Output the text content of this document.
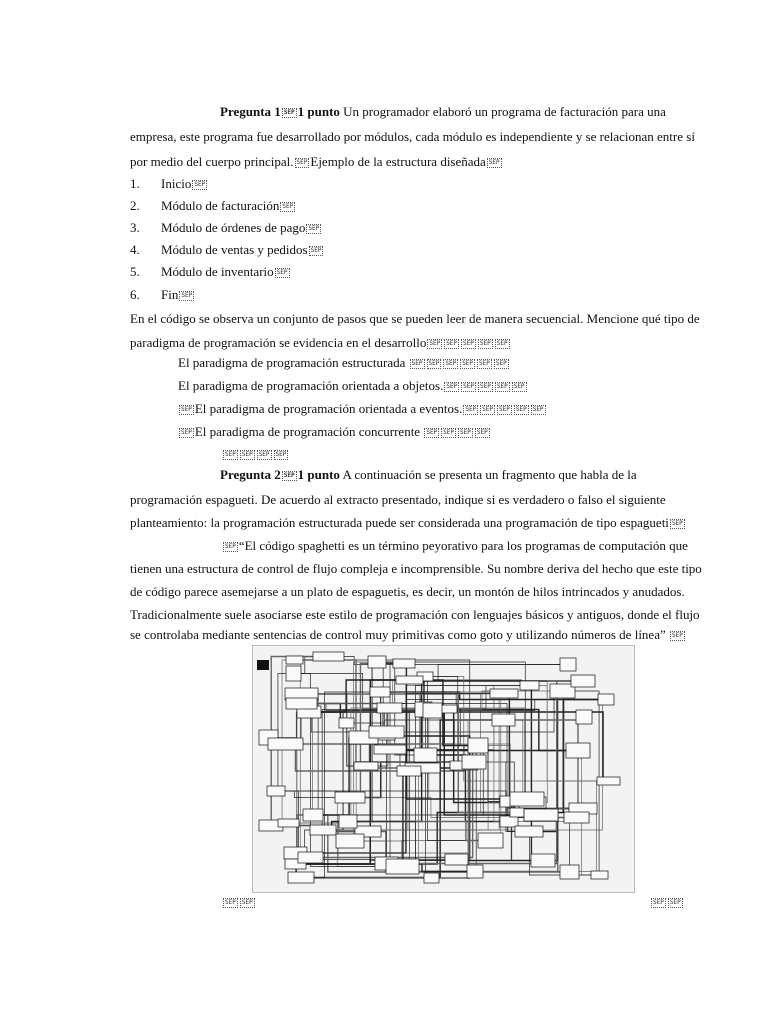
Pregunta 1 SEP 1 punto Un programador elaboró un programa de facturación para una
empresa, este programa fue desarrollado por módulos, cada módulo es independiente y se relacionan entre sí
por medio del cuerpo principal. SEP Ejemplo de la estructura diseñada SEP
1. Inicio SEP
2. Módulo de facturación SEP
3. Módulo de órdenes de pago SEP
4. Módulo de ventas y pedidos SEP
5. Módulo de inventario SEP
6. Fin SEP
En el código se observa un conjunto de pasos que se pueden leer de manera secuencial. Mencione qué tipo de
paradigma de programación se evidencia en el desarrollo SEP SEP SEP SEP SEP
El paradigma de programación estructurada SEP SEP SEP SEP SEP SEP
El paradigma de programación orientada a objetos. SEP SEP SEP SEP SEP
SEP El paradigma de programación orientada a eventos. SEP SEP SEP SEP SEP
SEP El paradigma de programación concurrente SEP SEP SEP SEP
SEP SEP SEP SEP
Pregunta 2 SEP 1 punto A continuación se presenta un fragmento que habla de la
programación espagueti. De acuerdo al extracto presentado, indique si es verdadero o falso el siguiente
planteamiento: la programación estructurada puede ser considerada una programación de tipo espagueti SEP
SEP “El código spaghetti es un término peyorativo para los programas de computación que
tienen una estructura de control de flujo compleja e incomprensible. Su nombre deriva del hecho que este tipo
de código parece asemejarse a un plato de espaguetis, es decir, un montón de hilos intrincados y anudados.
Tradicionalmente suele asociarse este estilo de programación con lenguajes básicos y antiguos, donde el flujo
se controlaba mediante sentencias de control muy primitivas como goto y utilizando números de línea” SEP
SEP SEP	SEP SEP
